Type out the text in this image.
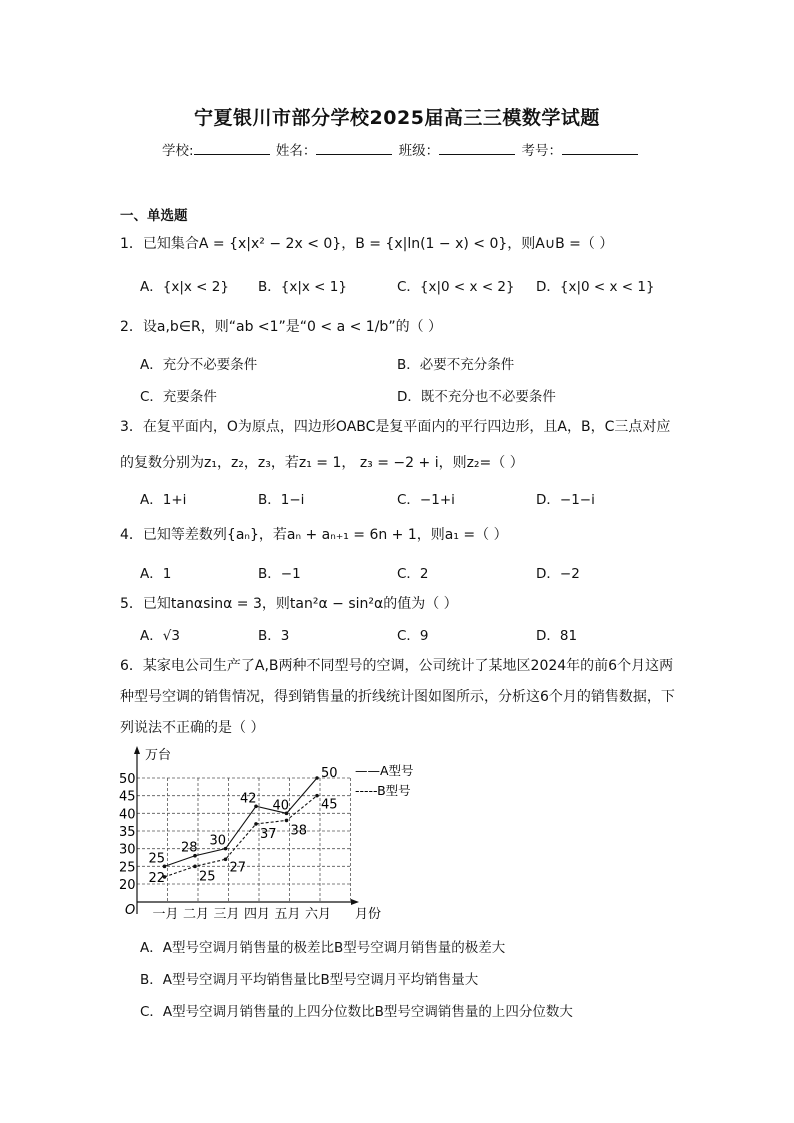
宁夏银川市部分学校2025届高三三模数学试题
学校:	姓名：	班级：	考号：
一、单选题
1．已知集合A = {x|x² − 2x < 0}，B = {x|ln(1 − x) < 0}，则A∪B =（ ）
A．{x|x < 2} B．{x|x < 1}	C．{x|0 < x < 2} D．{x|0 < x < 1}
2．设a,b∈R，则“ab <1”是“0 < a < 1/b”的（ ）
A．充分不必要条件	B．必要不充分条件
C．充要条件	D．既不充分也不必要条件
3．在复平面内，O为原点，四边形OABC是复平面内的平行四边形，且A，B，C三点对应
的复数分别为z₁，z₂，z₃，若z₁ = 1， z₃ = −2 + i，则z₂=（ ）
A．1+i	B．1−i	C．−1+i	D．−1−i
4．已知等差数列{aₙ}，若aₙ + aₙ₊₁ = 6n + 1，则a₁ =（ ）
A．1	B．−1	C．2	D．−2
5．已知tanαsinα = 3，则tan²α − sin²α的值为（ ）
A．√3	B．3	C．9	D．81
6．某家电公司生产了A,B两种不同型号的空调，公司统计了某地区2024年的前6个月这两
种型号空调的销售情况，得到销售量的折线统计图如图所示，分析这6个月的销售数据，下
列说法不正确的是（ ）
万台
月份
O
20
25
30
35
40
45
50
一月 二月 三月 四月 五月 六月
25
28 30
42 40
50
22	25
27
37 38
45
——A型号
-----B型号
A．A型号空调月销售量的极差比B型号空调月销售量的极差大
B．A型号空调月平均销售量比B型号空调月平均销售量大
C．A型号空调月销售量的上四分位数比B型号空调销售量的上四分位数大
